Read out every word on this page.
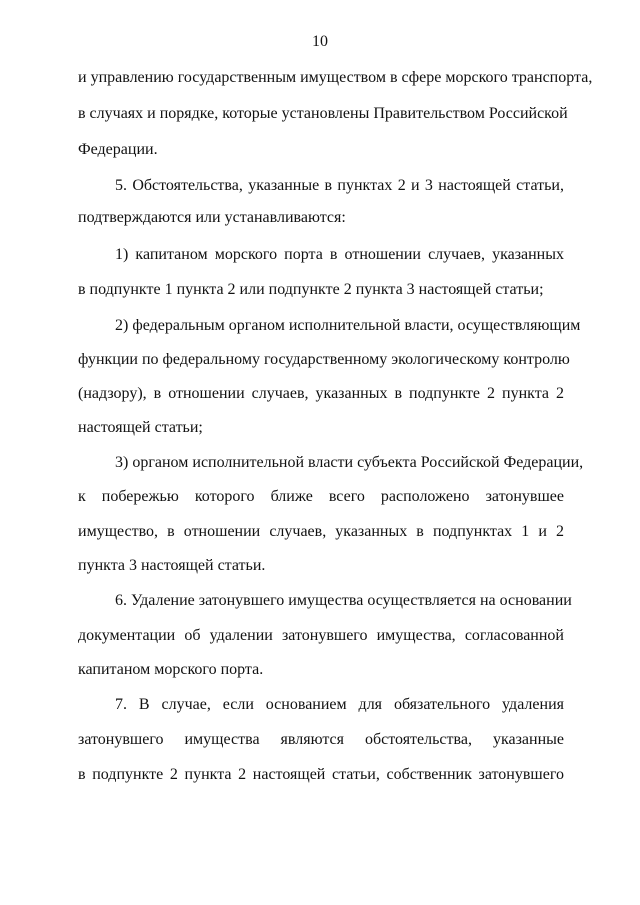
10
и управлению государственным имуществом в сфере морского транспорта,
в случаях и порядке, которые установлены Правительством Российской
Федерации.
5. Обстоятельства, указанные в пунктах 2 и 3 настоящей статьи,
подтверждаются или устанавливаются:
1) капитаном морского порта в отношении случаев, указанных
в подпункте 1 пункта 2 или подпункте 2 пункта 3 настоящей статьи;
2) федеральным органом исполнительной власти, осуществляющим
функции по федеральному государственному экологическому контролю
(надзору), в отношении случаев, указанных в подпункте 2 пункта 2
настоящей статьи;
3) органом исполнительной власти субъекта Российской Федерации,
к побережью которого ближе всего расположено затонувшее
имущество, в отношении случаев, указанных в подпунктах 1 и 2
пункта 3 настоящей статьи.
6. Удаление затонувшего имущества осуществляется на основании
документации об удалении затонувшего имущества, согласованной
капитаном морского порта.
7. В случае, если основанием для обязательного удаления
затонувшего имущества являются обстоятельства, указанные
в подпункте 2 пункта 2 настоящей статьи, собственник затонувшего
